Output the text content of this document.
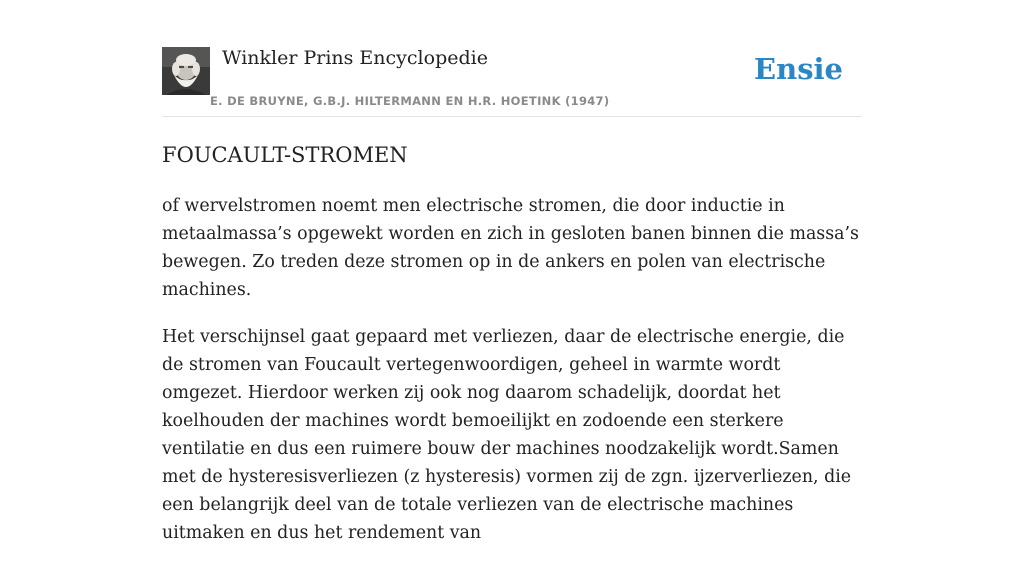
Winkler Prins Encyclopedie
E. DE BRUYNE, G.B.J. HILTERMANN EN H.R. HOETINK (1947)
Ensie
FOUCAULT-STROMEN

of wervelstromen noemt men electrische stromen, die door inductie in metaalmassa’s opgewekt worden en zich in gesloten banen binnen die massa’s bewegen. Zo treden deze stromen op in de ankers en polen van electrische machines.

Het verschijnsel gaat gepaard met verliezen, daar de electrische energie, die de stromen van Foucault vertegenwoordigen, geheel in warmte wordt omgezet. Hierdoor werken zij ook nog daarom schadelijk, doordat het koelhouden der machines wordt bemoeilijkt en zodoende een sterkere ventilatie en dus een ruimere bouw der machines noodzakelijk wordt.Samen met de hysteresisverliezen (z hysteresis) vormen zij de zgn. ijzerverliezen, die een belangrijk deel van de totale verliezen van de electrische machines uitmaken en dus het rendement van
